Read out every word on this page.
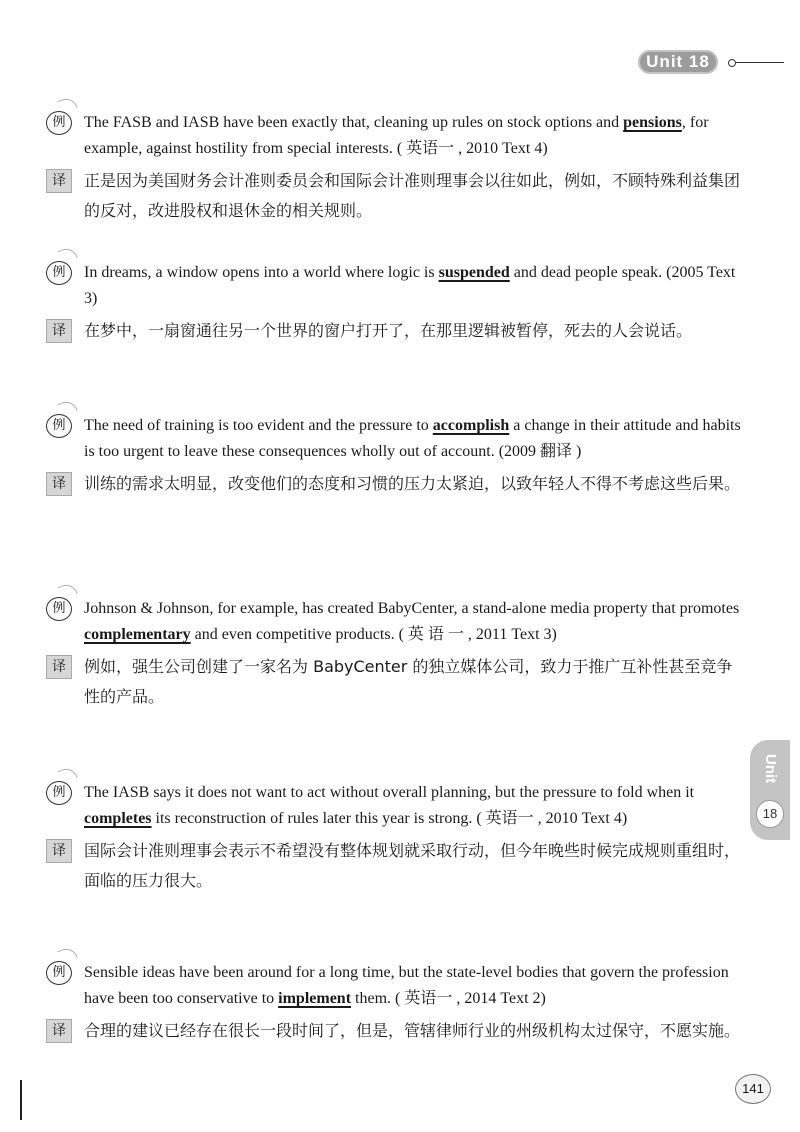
Unit 18
例	The FASB and IASB have been exactly that, cleaning up rules on stock options and pensions, for example, against hostility from special interests. ( 英语一 , 2010 Text 4)
译	正是因为美国财务会计准则委员会和国际会计准则理事会以往如此，例如，不顾特殊利益集团的反对，改进股权和退休金的相关规则。
例	In dreams, a window opens into a world where logic is suspended and dead people speak. (2005 Text 3)
译	在梦中，一扇窗通往另一个世界的窗户打开了，在那里逻辑被暂停，死去的人会说话。
例	The need of training is too evident and the pressure to accomplish a change in their attitude and habits is too urgent to leave these consequences wholly out of account. (2009 翻译 )
译	训练的需求太明显，改变他们的态度和习惯的压力太紧迫，以致年轻人不得不考虑这些后果。
例	Johnson & Johnson, for example, has created BabyCenter, a stand-alone media property that promotes complementary and even competitive products. ( 英 语 一 , 2011 Text 3)
译	例如，强生公司创建了一家名为 BabyCenter 的独立媒体公司，致力于推广互补性甚至竞争性的产品。
例	The IASB says it does not want to act without overall planning, but the pressure to fold when it completes its reconstruction of rules later this year is strong. ( 英语一 , 2010 Text 4)
译	国际会计准则理事会表示不希望没有整体规划就采取行动，但今年晚些时候完成规则重组时，面临的压力很大。
例	Sensible ideas have been around for a long time, but the state-level bodies that govern the profession have been too conservative to implement them. ( 英语一 , 2014 Text 2)
译	合理的建议已经存在很长一段时间了，但是，管辖律师行业的州级机构太过保守，不愿实施。
Unit
18
141
